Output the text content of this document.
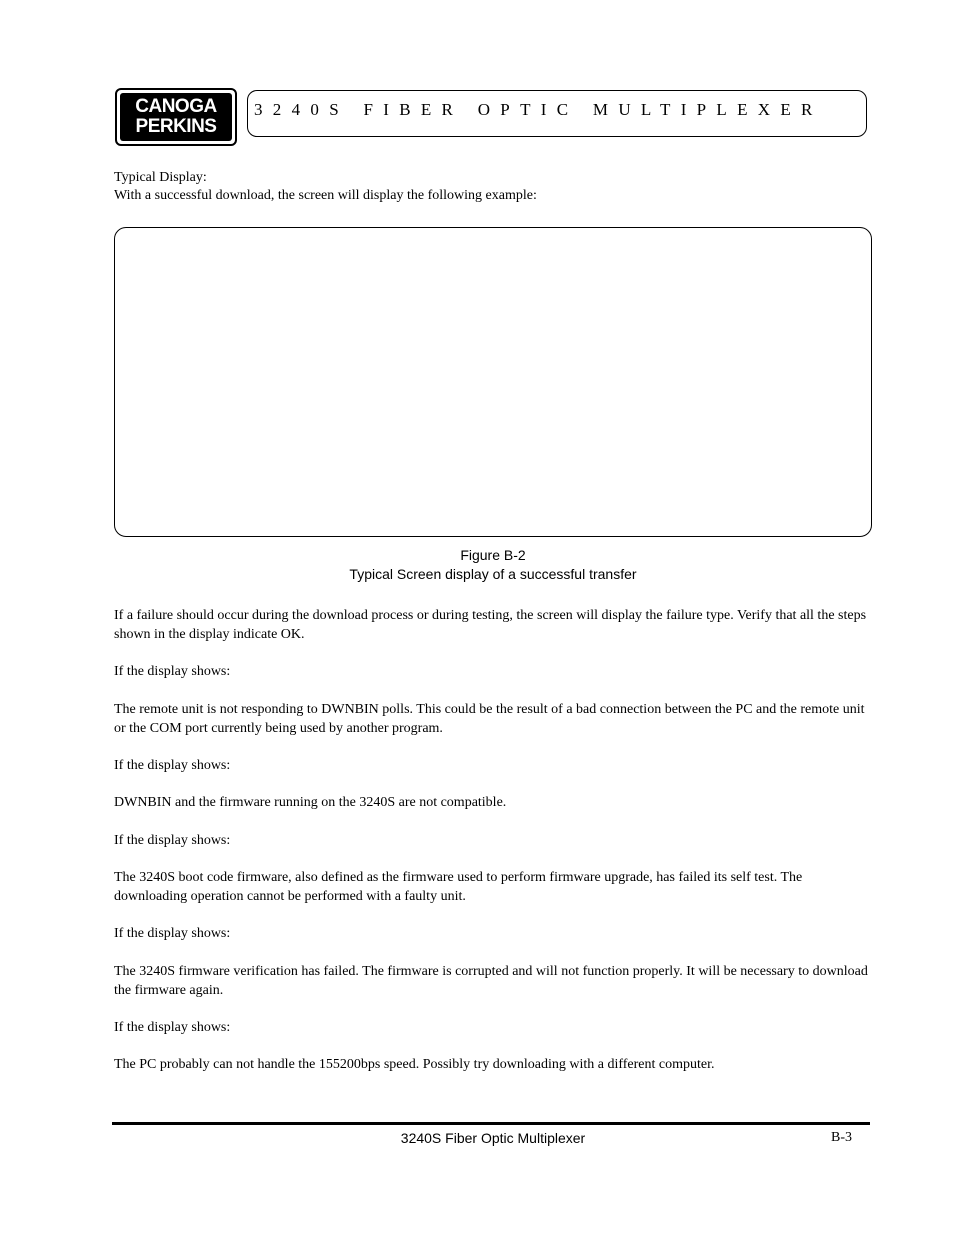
CANOGA
PERKINS
3240S FIBER OPTIC MULTIPLEXER
Typical Display:
With a successful download, the screen will display the following example:
Figure B-2
Typical Screen display of a successful transfer

If a failure should occur during the download process or during testing, the screen will display the failure type. Verify that all the steps shown in the display indicate OK.

If the display shows:

The remote unit is not responding to DWNBIN polls. This could be the result of a bad connection between the PC and the remote unit or the COM port currently being used by another program.

If the display shows:

DWNBIN and the firmware running on the 3240S are not compatible.

If the display shows:

The 3240S boot code firmware, also defined as the firmware used to perform firmware upgrade, has failed its self test. The downloading operation cannot be performed with a faulty unit.

If the display shows:

The 3240S firmware verification has failed. The firmware is corrupted and will not function properly. It will be necessary to download the firmware again.

If the display shows:

The PC probably can not handle the 155200bps speed. Possibly try downloading with a different computer.

3240S Fiber Optic Multiplexer	B-3
